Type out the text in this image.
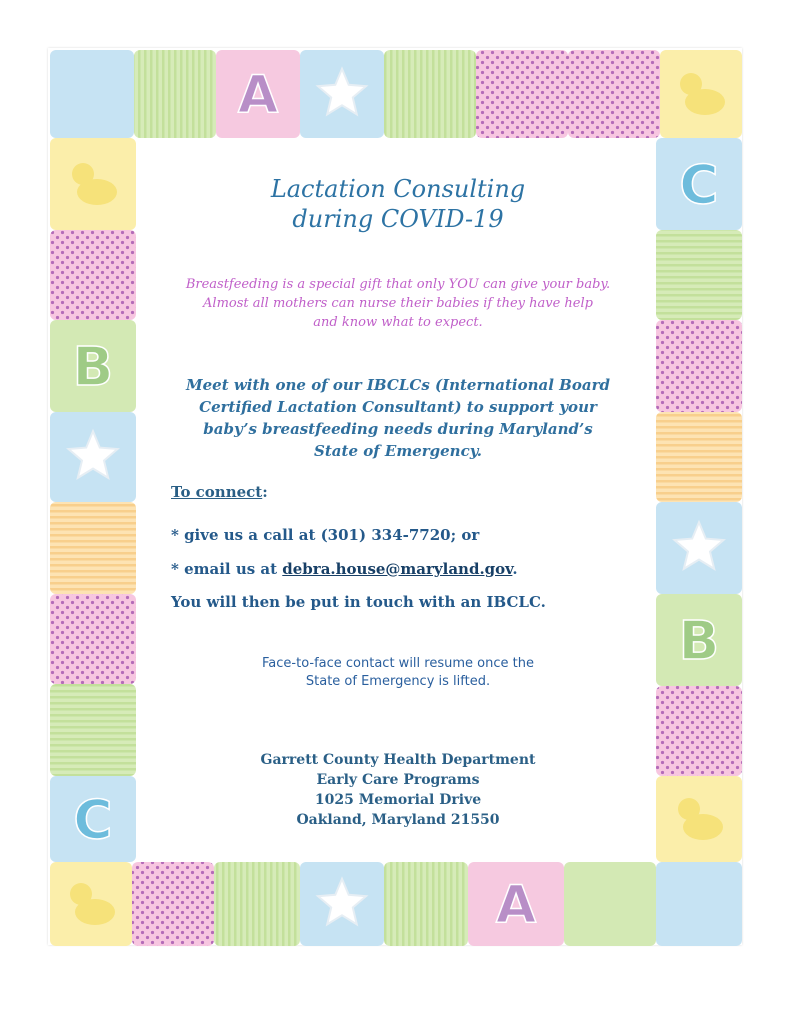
A
C
B
B
C
A
Lactation Consulting
during COVID-19
Breastfeeding is a special gift that only YOU can give your baby.
Almost all mothers can nurse their babies if they have help
and know what to expect.
Meet with one of our IBCLCs (International Board
Certified Lactation Consultant) to support your
baby’s breastfeeding needs during Maryland’s
State of Emergency.
To connect:
* give us a call at (301) 334-7720; or
* email us at debra.house@maryland.gov.
You will then be put in touch with an IBCLC.
Face-to-face contact will resume once the
State of Emergency is lifted.
Garrett County Health Department
Early Care Programs
1025 Memorial Drive
Oakland, Maryland 21550
